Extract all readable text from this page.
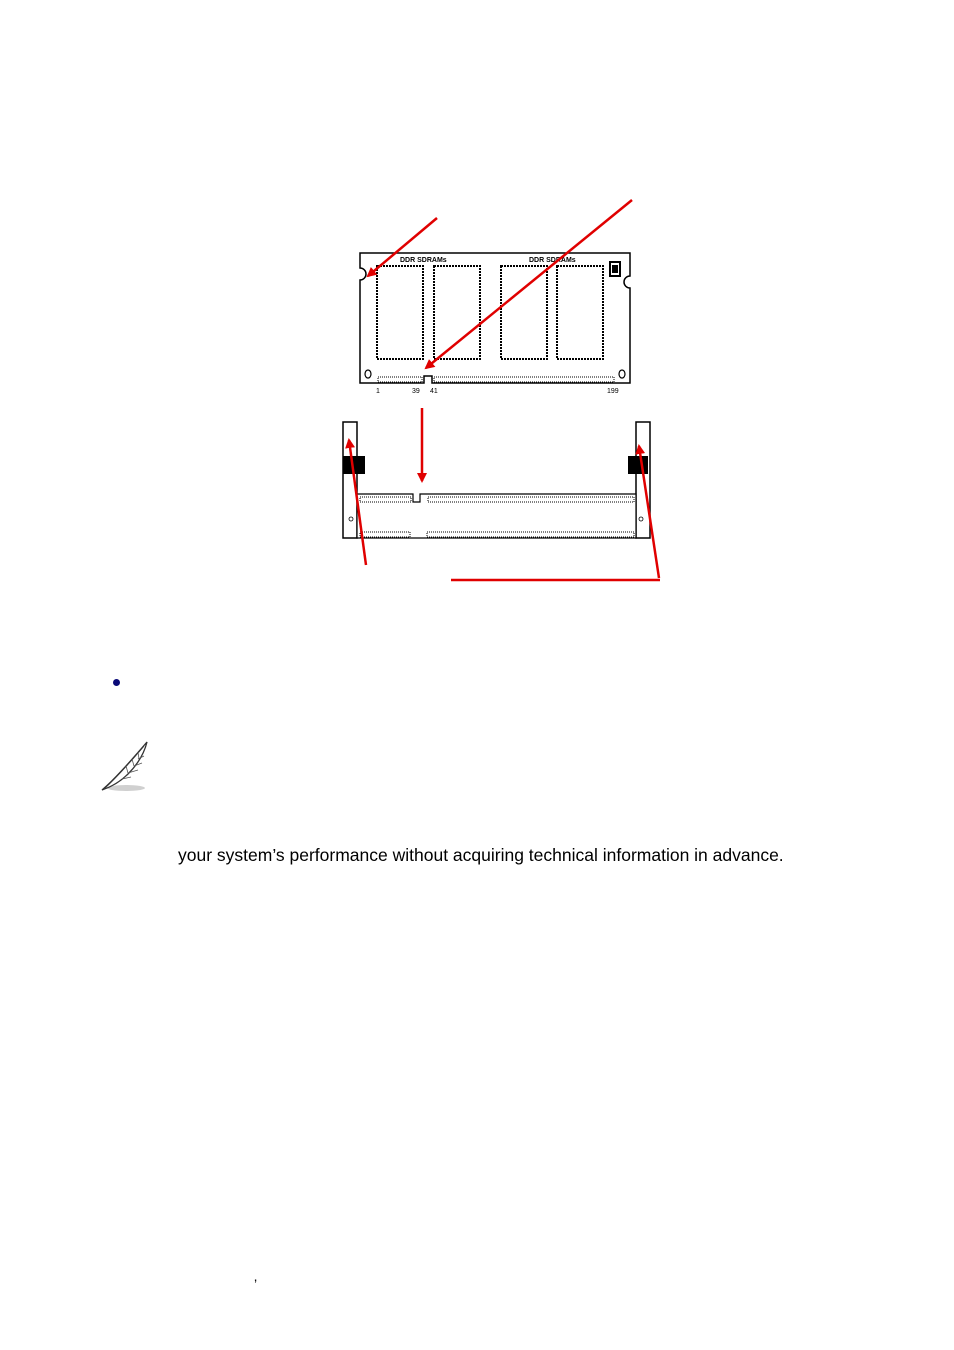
DDR SDRAMs	DDR SDRAMs
1	39 41	199
your system’s performance without acquiring technical information in advance.
’
